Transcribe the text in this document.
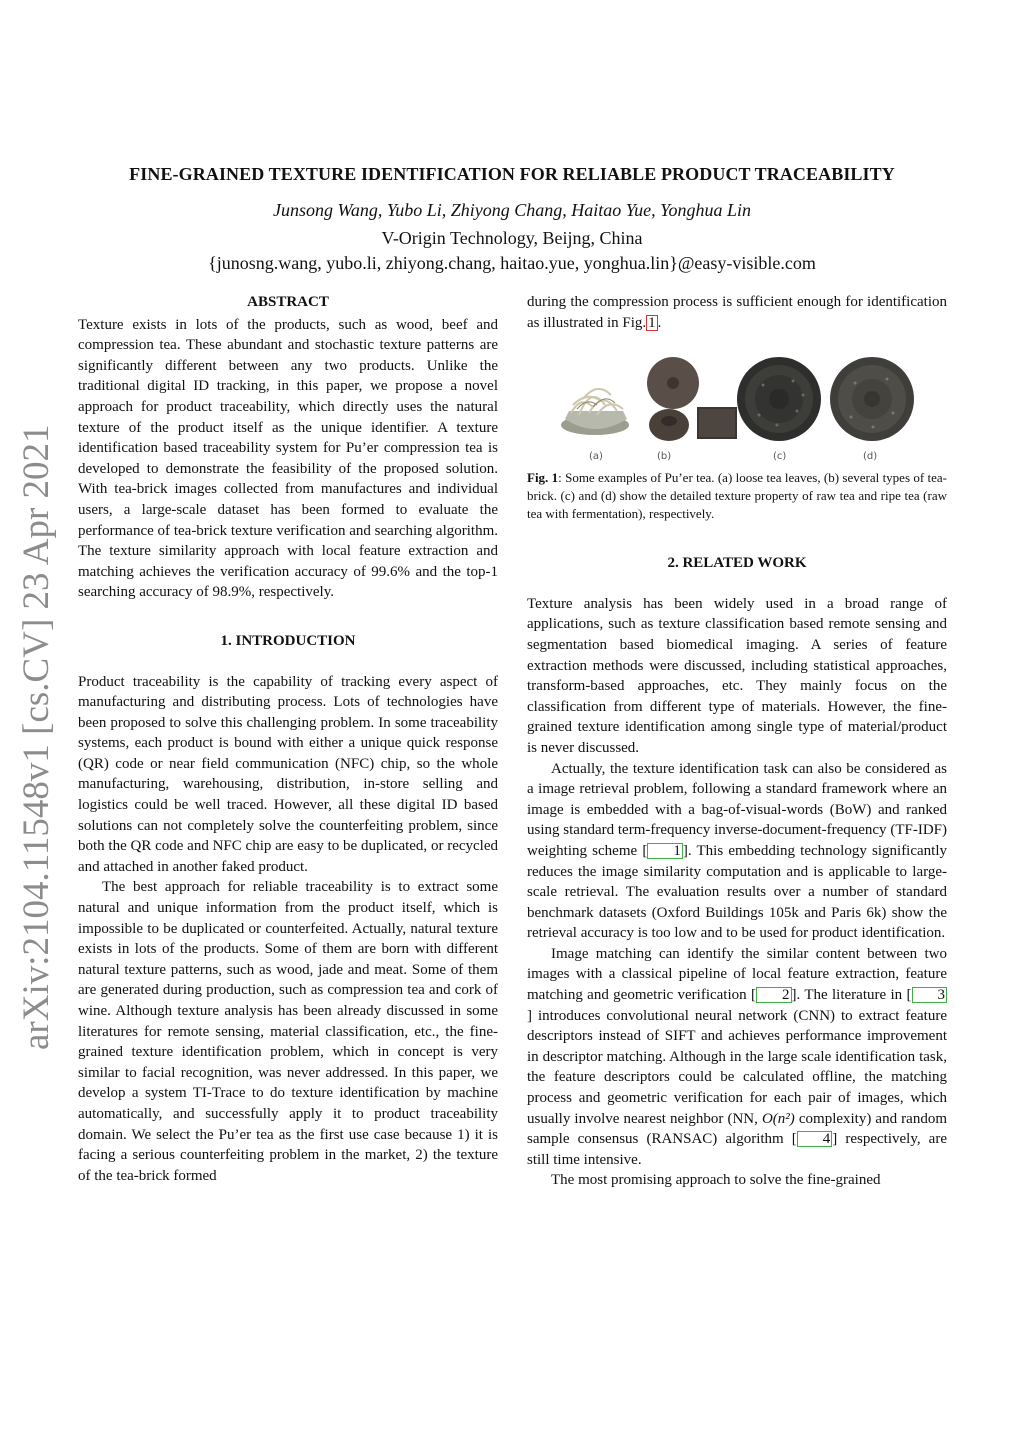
FINE-GRAINED TEXTURE IDENTIFICATION FOR RELIABLE PRODUCT TRACEABILITY
Junsong Wang, Yubo Li, Zhiyong Chang, Haitao Yue, Yonghua Lin
V-Origin Technology, Beijng, China
{junosng.wang, yubo.li, zhiyong.chang, haitao.yue, yonghua.lin}@easy-visible.com
arXiv:2104.11548v1 [cs.CV] 23 Apr 2021

ABSTRACT

Texture exists in lots of the products, such as wood, beef and compression tea. These abundant and stochastic texture patterns are significantly different between any two products. Unlike the traditional digital ID tracking, in this paper, we propose a novel approach for product traceability, which directly uses the natural texture of the product itself as the unique identifier. A texture identification based traceability system for Pu’er compression tea is developed to demonstrate the feasibility of the proposed solution. With tea-brick images collected from manufactures and individual users, a large-scale dataset has been formed to evaluate the performance of tea-brick texture verification and searching algorithm. The texture similarity approach with local feature extraction and matching achieves the verification accuracy of 99.6% and the top-1 searching accuracy of 98.9%, respectively.

1. INTRODUCTION

Product traceability is the capability of tracking every aspect of manufacturing and distributing process. Lots of technologies have been proposed to solve this challenging problem. In some traceability systems, each product is bound with either a unique quick response (QR) code or near field communication (NFC) chip, so the whole manufacturing, warehousing, distribution, in-store selling and logistics could be well traced. However, all these digital ID based solutions can not completely solve the counterfeiting problem, since both the QR code and NFC chip are easy to be duplicated, or recycled and attached in another faked product.

The best approach for reliable traceability is to extract some natural and unique information from the product itself, which is impossible to be duplicated or counterfeited. Actually, natural texture exists in lots of the products. Some of them are born with different natural texture patterns, such as wood, jade and meat. Some of them are generated during production, such as compression tea and cork of wine. Although texture analysis has been already discussed in some literatures for remote sensing, material classification, etc., the fine-grained texture identification problem, which in concept is very similar to facial recognition, was never addressed. In this paper, we develop a system TI-Trace to do texture identification by machine automatically, and successfully apply it to product traceability domain. We select the Pu’er tea as the first use case because 1) it is facing a serious counterfeiting problem in the market, 2) the texture of the tea-brick formed

during the compression process is sufficient enough for identification as illustrated in Fig. 1 .

(a)	(b)	(c)	(d)
Fig. 1: Some examples of Pu’er tea. (a) loose tea leaves, (b) several types of tea-brick. (c) and (d) show the detailed texture property of raw tea and ripe tea (raw tea with fermentation), respectively.

2. RELATED WORK

Texture analysis has been widely used in a broad range of applications, such as texture classification based remote sensing and segmentation based biomedical imaging. A series of feature extraction methods were discussed, including statistical approaches, transform-based approaches, etc. They mainly focus on the classification from different type of materials. However, the fine-grained texture identification among single type of material/product is never discussed.

Actually, the texture identification task can also be considered as a image retrieval problem, following a standard framework where an image is embedded with a bag-of-visual-words (BoW) and ranked using standard term-frequency inverse-document-frequency (TF-IDF) weighting scheme [ 1 ]. This embedding technology significantly reduces the image similarity computation and is applicable to large-scale retrieval. The evaluation results over a number of standard benchmark datasets (Oxford Buildings 105k and Paris 6k) show the retrieval accuracy is too low and to be used for product identification.

Image matching can identify the similar content between two images with a classical pipeline of local feature extraction, feature matching and geometric verification [ 2 ]. The literature in [ 3] introduces convolutional neural network (CNN) to extract feature descriptors instead of SIFT and achieves performance improvement in descriptor matching. Although in the large scale identification task, the feature descriptors could be calculated offline, the matching process and geometric verification for each pair of images, which usually involve nearest neighbor (NN, O(n²) complexity) and random sample consensus (RANSAC) algorithm [ 4 ] respectively, are still time intensive.

The most promising approach to solve the fine-grained
